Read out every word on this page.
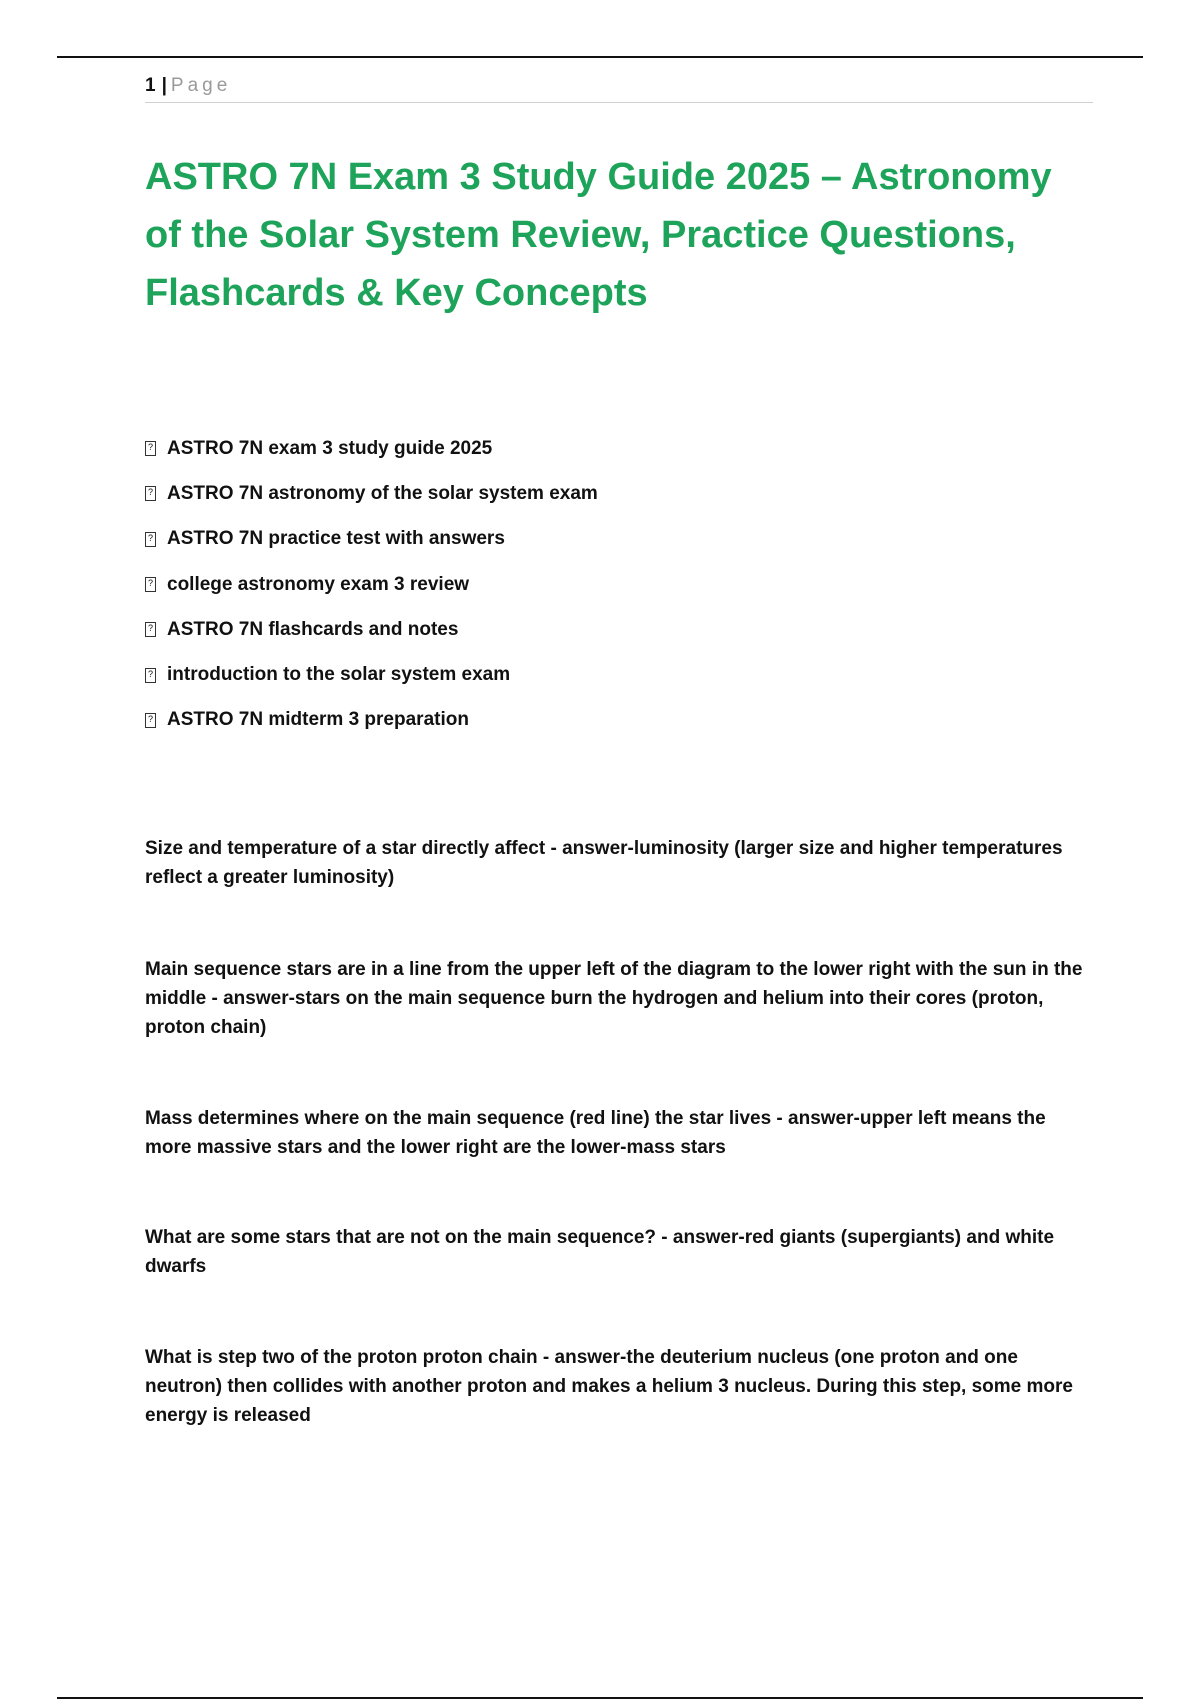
1 | Page
ASTRO 7N Exam 3 Study Guide 2025 – Astronomy of the Solar System Review, Practice Questions, Flashcards & Key Concepts
?
ASTRO 7N exam 3 study guide 2025
?
ASTRO 7N astronomy of the solar system exam
?
ASTRO 7N practice test with answers
?
college astronomy exam 3 review
?
ASTRO 7N flashcards and notes
?
introduction to the solar system exam
?
ASTRO 7N midterm 3 preparation

Size and temperature of a star directly affect - answer-luminosity (larger size and higher temperatures reflect a greater luminosity)

Main sequence stars are in a line from the upper left of the diagram to the lower right with the sun in the middle - answer-stars on the main sequence burn the hydrogen and helium into their cores (proton, proton chain)

Mass determines where on the main sequence (red line) the star lives - answer-upper left means the more massive stars and the lower right are the lower-mass stars

What are some stars that are not on the main sequence? - answer-red giants (supergiants) and white dwarfs

What is step two of the proton proton chain - answer-the deuterium nucleus (one proton and one neutron) then collides with another proton and makes a helium 3 nucleus. During this step, some more energy is released
